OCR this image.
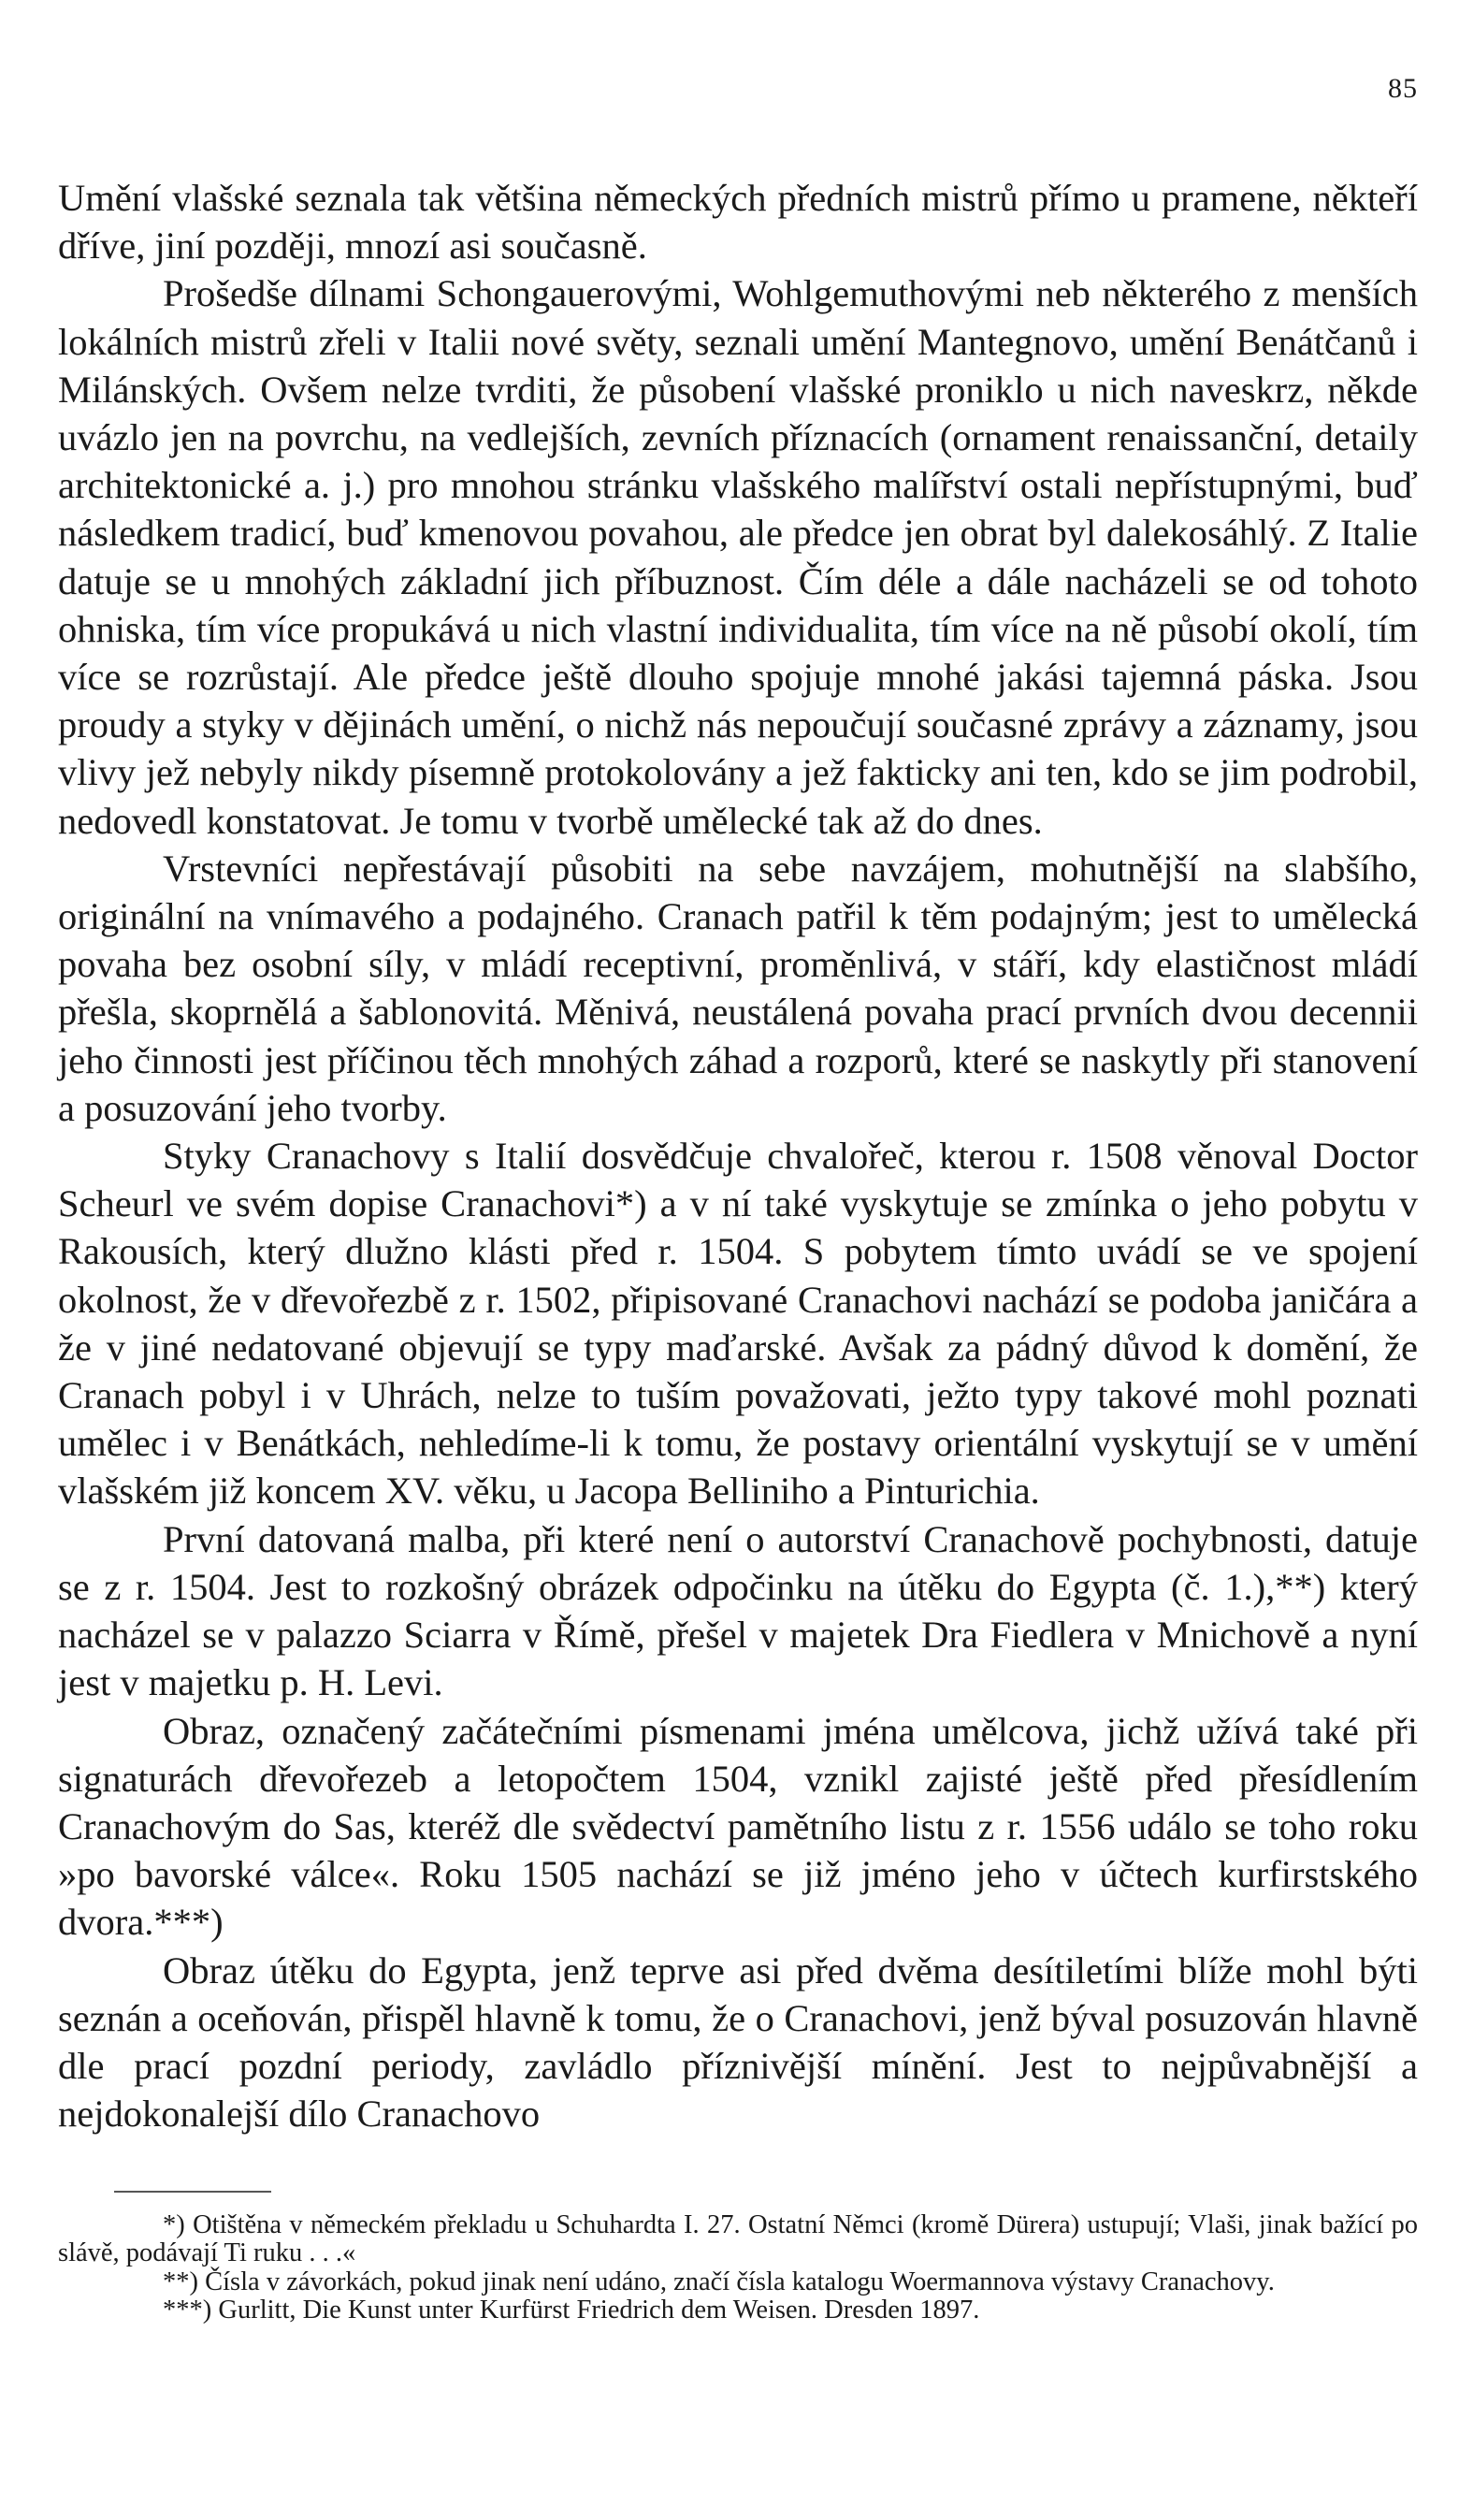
85

Umění vlašské seznala tak většina německých předních mistrů přímo u pramene, někteří dříve, jiní později, mnozí asi současně.

Prošedše dílnami Schongauerovými, Wohlgemuthovými neb některého z menších lokálních mistrů zřeli v Italii nové světy, seznali umění Mantegnovo, umění Benátčanů i Milánských. Ovšem nelze tvrditi, že působení vlašské proniklo u nich naveskrz, někde uvázlo jen na povrchu, na vedlejších, zevních příznacích (ornament renaissanční, detaily architektonické a. j.) pro mnohou stránku vlašského malířství ostali nepřístupnými, buď následkem tradicí, buď kmenovou povahou, ale předce jen obrat byl dalekosáhlý. Z Italie datuje se u mnohých základní jich příbuznost. Čím déle a dále nacházeli se od tohoto ohniska, tím více propukává u nich vlastní individualita, tím více na ně působí okolí, tím více se rozrůstají. Ale předce ještě dlouho spojuje mnohé jakási tajemná páska. Jsou proudy a styky v dějinách umění, o nichž nás nepoučují současné zprávy a záznamy, jsou vlivy jež nebyly nikdy písemně protokolovány a jež fakticky ani ten, kdo se jim podrobil, nedovedl konstatovat. Je tomu v tvorbě umělecké tak až do dnes.

Vrstevníci nepřestávají působiti na sebe navzájem, mohutnější na slabšího, originální na vnímavého a podajného. Cranach patřil k těm podajným; jest to umělecká povaha bez osobní síly, v mládí receptivní, proměnlivá, v stáří, kdy elastičnost mládí přešla, skoprnělá a šablonovitá. Měnivá, neustálená povaha prací prvních dvou decennii jeho činnosti jest příčinou těch mnohých záhad a rozporů, které se naskytly při stanovení a posuzování jeho tvorby.

Styky Cranachovy s Italií dosvědčuje chvalořeč, kterou r. 1508 věnoval Doctor Scheurl ve svém dopise Cranachovi*) a v ní také vyskytuje se zmínka o jeho pobytu v Rakousích, který dlužno klásti před r. 1504. S pobytem tímto uvádí se ve spojení okolnost, že v dřevořezbě z r. 1502, připisované Cranachovi nachází se podoba janičára a že v jiné nedatované objevují se typy maďarské. Avšak za pádný důvod k domění, že Cranach pobyl i v Uhrách, nelze to tuším považovati, ježto typy takové mohl poznati umělec i v Benátkách, nehledíme-li k tomu, že postavy orientální vyskytují se v umění vlašském již koncem XV. věku, u Jacopa Belliniho a Pinturichia.

První datovaná malba, při které není o autorství Cranachově pochybnosti, datuje se z r. 1504. Jest to rozkošný obrázek odpočinku na útěku do Egypta (č. 1.),**) který nacházel se v palazzo Sciarra v Římě, přešel v majetek Dra Fiedlera v Mnichově a nyní jest v majetku p. H. Levi.

Obraz, označený začátečními písmenami jména umělcova, jichž užívá také při signaturách dřevořezeb a letopočtem 1504, vznikl zajisté ještě před přesídlením Cranachovým do Sas, kteréž dle svědectví pamětního listu z r. 1556 událo se toho roku »po bavorské válce«. Roku 1505 nachází se již jméno jeho v účtech kurfirstského dvora.***)

Obraz útěku do Egypta, jenž teprve asi před dvěma desítiletími blíže mohl býti seznán a oceňován, přispěl hlavně k tomu, že o Cranachovi, jenž býval posuzován hlavně dle prací pozdní periody, zavládlo příznivější mínění. Jest to nejpůvabnější a nejdokonalejší dílo Cranachovo

*) Otištěna v německém překladu u Schuhardta I. 27. Ostatní Němci (kromě Dürera) ustupují; Vlaši, jinak bažící po slávě, podávají Ti ruku . . .«

**) Čísla v závorkách, pokud jinak není udáno, značí čísla katalogu Woermannova výstavy Cranachovy.

***) Gurlitt, Die Kunst unter Kurfürst Friedrich dem Weisen. Dresden 1897.
